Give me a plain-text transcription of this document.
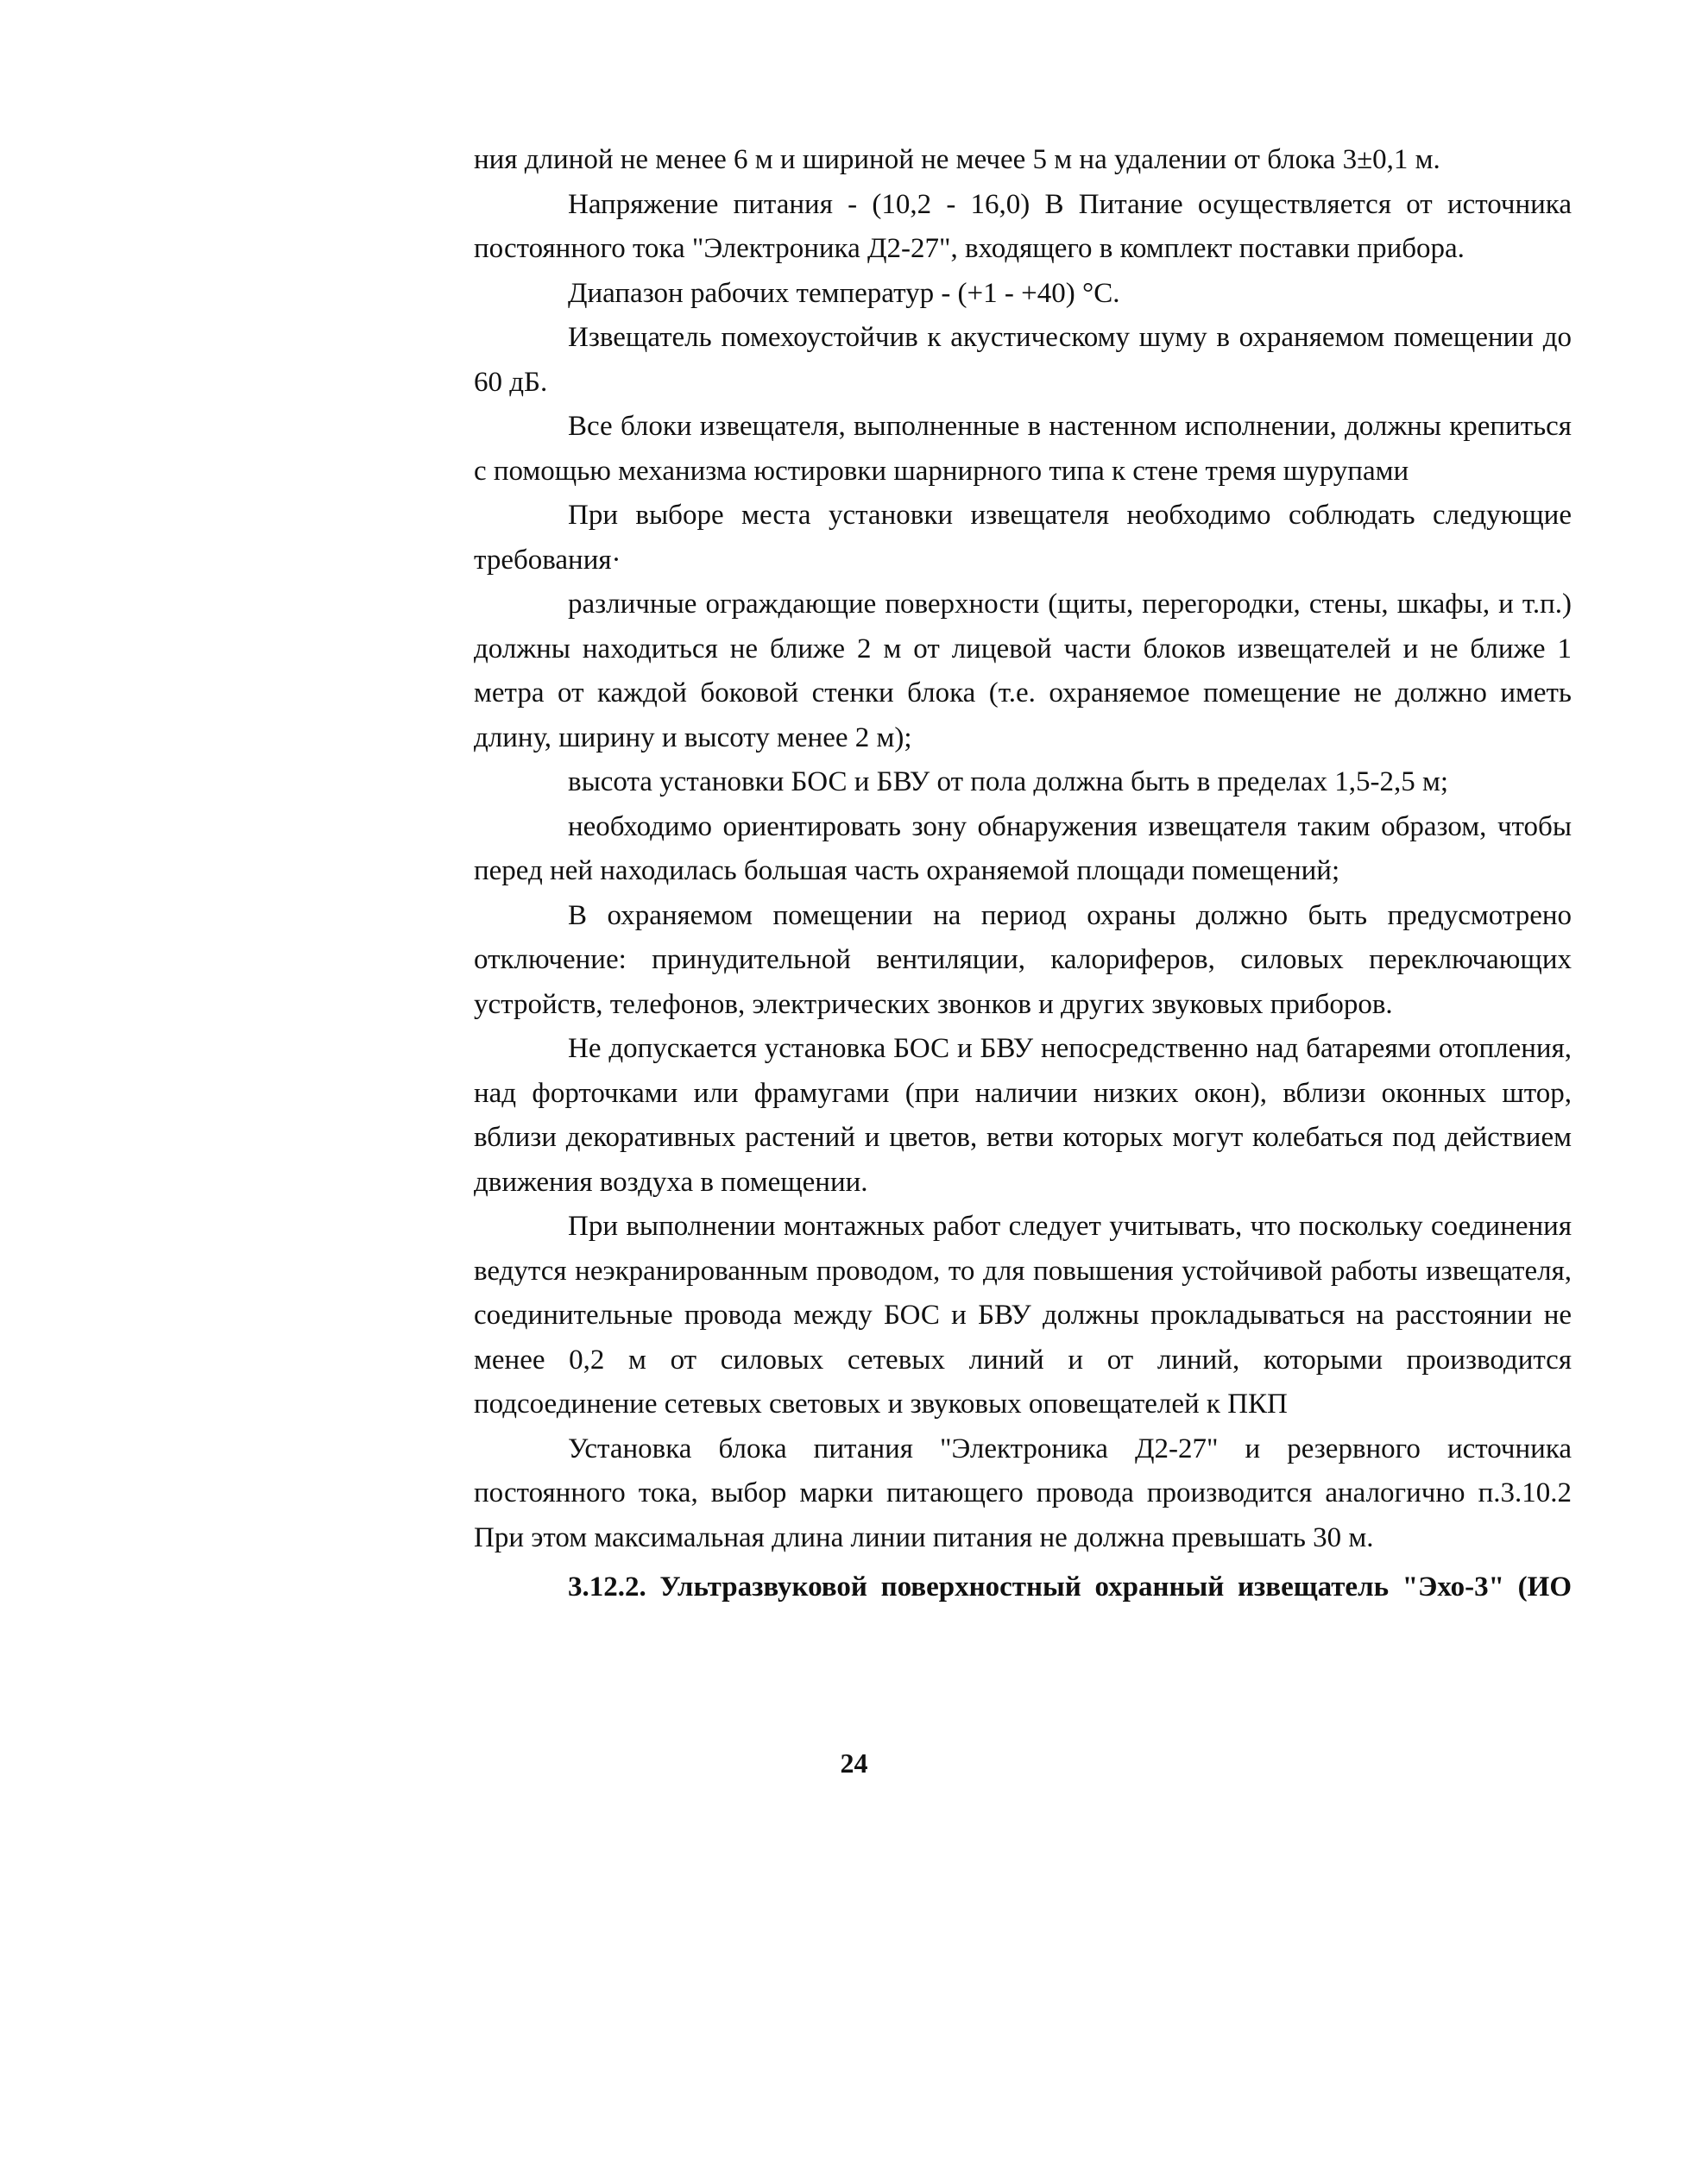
ния длиной не менее 6 м и шириной не мечее 5 м на удалении от блока 3±0,1 м.

Напряжение питания - (10,2 - 16,0) В Питание осуществляется от источника постоянного тока "Электроника Д2-27", входящего в комплект поставки прибора.

Диапазон рабочих температур - (+1 - +40) °С.

Извещатель помехоустойчив к акустическому шуму в охраняемом помещении до 60 дБ.

Все блоки извещателя, выполненные в настенном исполнении, должны крепиться с помощью механизма юстировки шарнирного типа к стене тремя шурупами

При выборе места установки извещателя необходимо соблюдать следующие требования·

различные ограждающие поверхности (щиты, перегородки, стены, шкафы, и т.п.) должны находиться не ближе 2 м от лицевой части блоков извещателей и не ближе 1 метра от каждой боковой стенки блока (т.е. охраняемое помещение не должно иметь длину, ширину и высоту менее 2 м);

высота установки БОС и БВУ от пола должна быть в пределах 1,5-2,5 м;

необходимо ориентировать зону обнаружения извещателя таким образом, чтобы перед ней находилась большая часть охраняемой площади помещений;

В охраняемом помещении на период охраны должно быть предусмотрено отключение: принудительной вентиляции, калориферов, силовых переключающих устройств, телефонов, электрических звонков и других звуковых приборов.

Не допускается установка БОС и БВУ непосредственно над батареями отопления, над форточками или фрамугами (при наличии низких окон), вблизи оконных штор, вблизи декоративных растений и цветов, ветви которых могут колебаться под действием движения воздуха в помещении.

При выполнении монтажных работ следует учитывать, что поскольку соединения ведутся неэкранированным проводом, то для повышения устойчивой работы извещателя, соединительные провода между БОС и БВУ должны прокладываться на расстоянии не менее 0,2 м от силовых сетевых линий и от линий, которыми производится подсоединение сетевых световых и звуковых оповещателей к ПКП

Установка блока питания "Электроника Д2-27" и резервного источника постоянного тока, выбор марки питающего провода производится аналогично п.3.10.2 При этом максимальная длина линии питания не должна превышать 30 м.

3.12.2. Ультразвуковой поверхностный охранный извещатель "Эхо-3" (ИО

24
